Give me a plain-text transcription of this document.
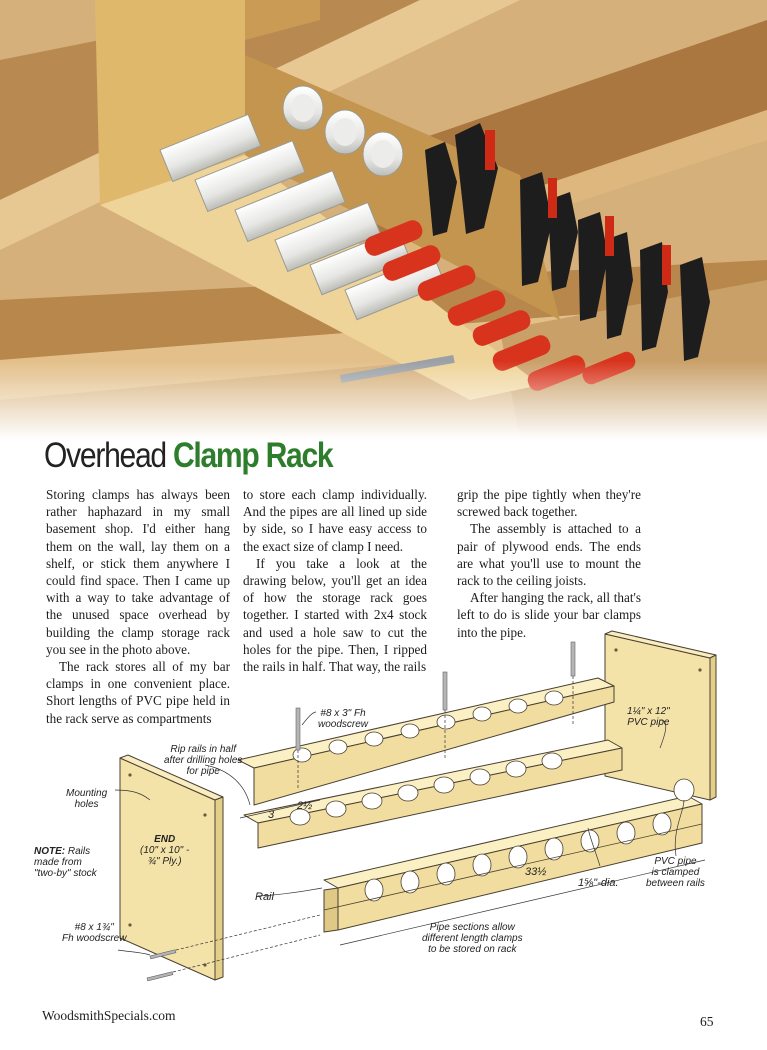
Overhead Clamp Rack

Storing clamps has always been rather haphazard in my small basement shop. I'd either hang them on the wall, lay them on a shelf, or stick them anywhere I could find space. Then I came up with a way to take advantage of the unused space overhead by building the clamp storage rack you see in the photo above.

The rack stores all of my bar clamps in one convenient place. Short lengths of PVC pipe held in the rack serve as compartments

to store each clamp individually. And the pipes are all lined up side by side, so I have easy access to the exact size of clamp I need.

If you take a look at the drawing below, you'll get an idea of how the storage rack goes together. I started with 2x4 stock and used a hole saw to cut the holes for the pipe. Then, I ripped the rails in half. That way, the rails

grip the pipe tightly when they're screwed back together.

The assembly is attached to a pair of plywood ends. The ends are what you'll use to mount the rack to the ceiling joists.

After hanging the rack, all that's left to do is slide your bar clamps into the pipe.

#8 x 3" Fh
woodscrew
1¼" x 12"
PVC pipe
Rip rails in half
after drilling holes
for pipe
Mounting
holes
END
(10" x 10" -
¾" Ply.)
NOTE: Rails
made from
"two-by" stock
3
2½
33½
1⅝"-dia.
PVC pipe
is clamped
between rails
Rail
#8 x 1¾"
Fh woodscrew
Pipe sections allow
different length clamps
to be stored on rack
WoodsmithSpecials.com	65
